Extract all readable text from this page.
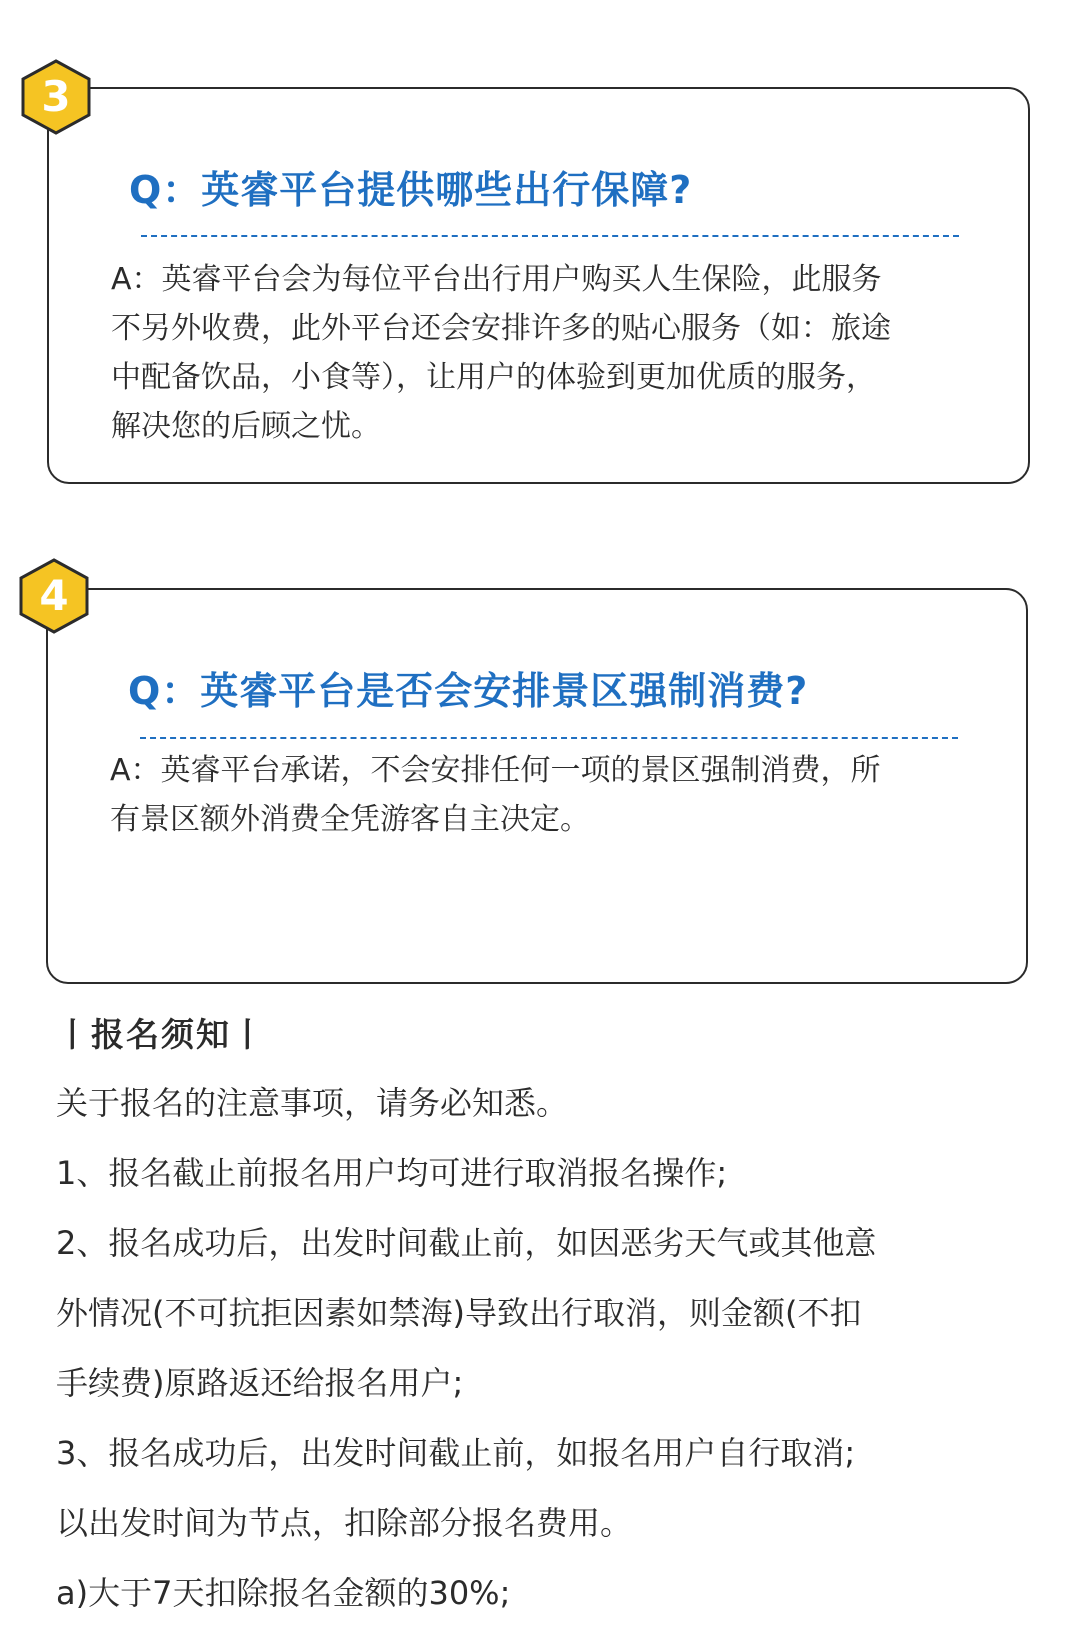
Q：英睿平台提供哪些出行保障?
A：英睿平台会为每位平台出行用户购买人生保险，此服务
不另外收费，此外平台还会安排许多的贴心服务（如：旅途
中配备饮品，小食等），让用户的体验到更加优质的服务，
解决您的后顾之忧。
3
Q：英睿平台是否会安排景区强制消费?
A：英睿平台承诺，不会安排任何一项的景区强制消费，所
有景区额外消费全凭游客自主决定。
4
丨报名须知丨
关于报名的注意事项，请务必知悉。
1、报名截止前报名用户均可进行取消报名操作;
2、报名成功后，出发时间截止前，如因恶劣天气或其他意
外情况(不可抗拒因素如禁海)导致出行取消，则金额(不扣
手续费)原路返还给报名用户;
3、报名成功后，出发时间截止前，如报名用户自行取消;
以出发时间为节点，扣除部分报名费用。
a)大于7天扣除报名金额的30%;
